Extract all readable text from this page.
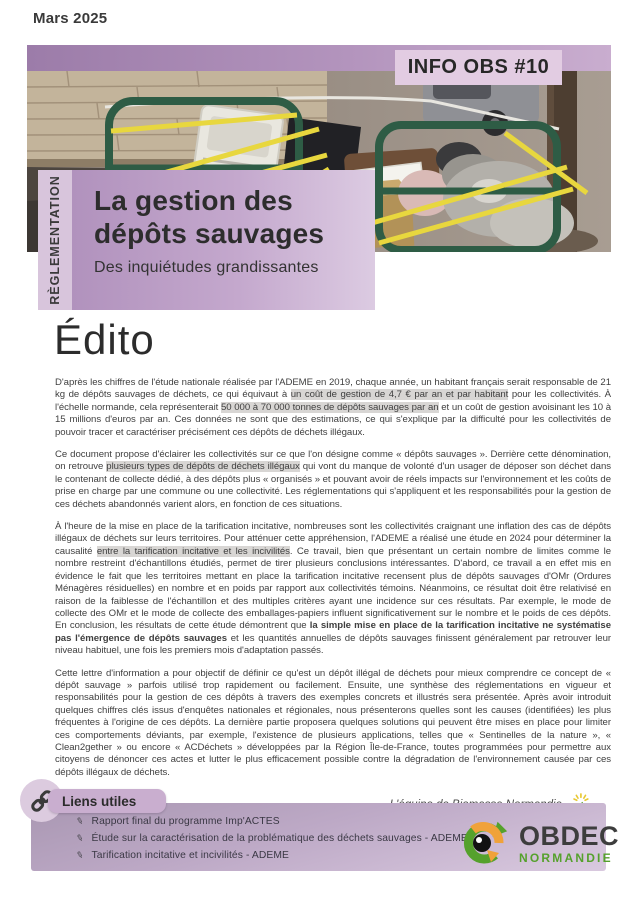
Mars 2025
INFO OBS #10
RÈGLEMENTATION La gestion des
dépôts sauvages
Des inquiétudes grandissantes
Édito

D'après les chiffres de l'étude nationale réalisée par l'ADEME en 2019, chaque année, un habitant français serait responsable de 21 kg de dépôts sauvages de déchets, ce qui équivaut à un coût de gestion de 4,7 € par an et par habitant pour les collectivités. À l'échelle normande, cela représenterait 50 000 à 70 000 tonnes de dépôts sauvages par an et un coût de gestion avoisinant les 10 à 15 millions d'euros par an. Ces données ne sont que des estimations, ce qui s'explique par la difficulté pour les collectivités de pouvoir tracer et caractériser précisément ces dépôts de déchets illégaux.

Ce document propose d'éclairer les collectivités sur ce que l'on désigne comme « dépôts sauvages ». Derrière cette dénomination, on retrouve plusieurs types de dépôts de déchets illégaux qui vont du manque de volonté d'un usager de déposer son déchet dans le contenant de collecte dédié, à des dépôts plus « organisés » et pouvant avoir de réels impacts sur l'environnement et les coûts de prise en charge par une commune ou une collectivité. Les réglementations qui s'appliquent et les responsabilités pour la gestion de ces déchets abandonnés varient alors, en fonction de ces situations.

À l'heure de la mise en place de la tarification incitative, nombreuses sont les collectivités craignant une inflation des cas de dépôts illégaux de déchets sur leurs territoires. Pour atténuer cette appréhension, l'ADEME a réalisé une étude en 2024 pour déterminer la causalité entre la tarification incitative et les incivilités. Ce travail, bien que présentant un certain nombre de limites comme le nombre restreint d'échantillons étudiés, permet de tirer plusieurs conclusions intéressantes. D'abord, ce travail a en effet mis en évidence le fait que les territoires mettant en place la tarification incitative recensent plus de dépôts sauvages d'OMr (Ordures Ménagères résiduelles) en nombre et en poids par rapport aux collectivités témoins. Néanmoins, ce résultat doit être relativisé en raison de la faiblesse de l'échantillon et des multiples critères ayant une incidence sur ces résultats. Par exemple, le mode de collecte des OMr et le mode de collecte des emballages-papiers influent significativement sur le nombre et le poids de ces dépôts. En conclusion, les résultats de cette étude démontrent que la simple mise en place de la tarification incitative ne systématise pas l'émergence de dépôts sauvages et les quantités annuelles de dépôts sauvages finissent généralement par retrouver leur niveau habituel, une fois les premiers mois d'adaptation passés.

Cette lettre d'information a pour objectif de définir ce qu'est un dépôt illégal de déchets pour mieux comprendre ce concept de « dépôt sauvage » parfois utilisé trop rapidement ou facilement. Ensuite, une synthèse des réglementations en vigueur et responsabilités pour la gestion de ces dépôts à travers des exemples concrets et illustrés sera présentée. Après avoir introduit quelques chiffres clés issus d'enquêtes nationales et régionales, nous présenterons quelles sont les causes (identifiées) les plus fréquentes à l'origine de ces dépôts. La dernière partie proposera quelques solutions qui peuvent être mises en place pour limiter ces comportements déviants, par exemple, l'existence de plusieurs applications, telles que « Sentinelles de la nature », « Clean2gether » ou encore « ACDéchets » développées par la Région Île-de-France, toutes programmées pour permettre aux citoyens de dénoncer ces actes et lutter le plus efficacement possible contre la dégradation de l'environnement causée par ces dépôts illégaux de déchets.

Liens utiles
✎ Rapport final du programme Imp'ACTES
✎ Étude sur la caractérisation de la problématique des déchets sauvages - ADEME
✎ Tarification incitative et incivilités - ADEME
OBDEC
NORMANDIE
